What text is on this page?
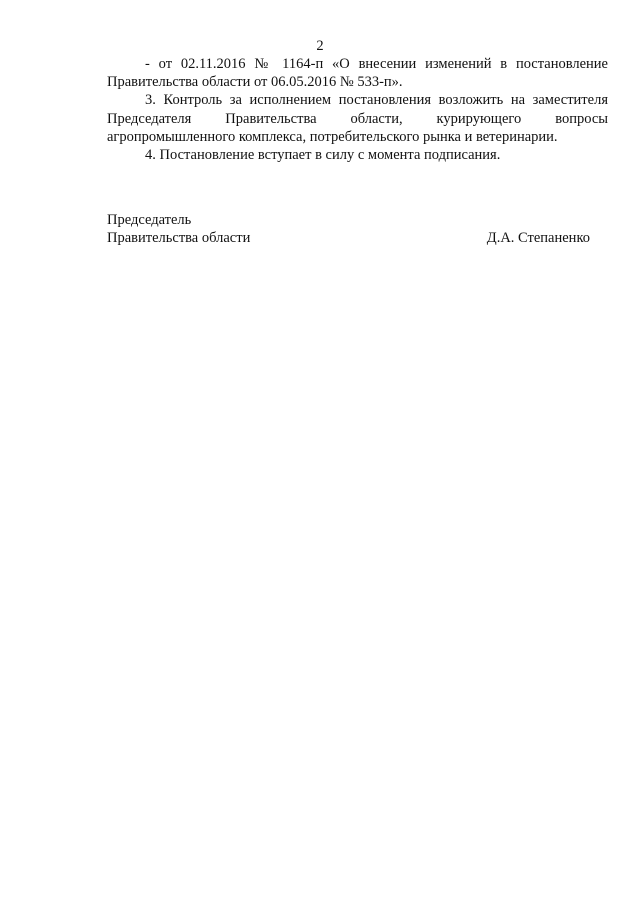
2
- от 02.11.2016 № 1164-п «О внесении изменений в постановление
Правительства области от 06.05.2016 № 533-п».
3. Контроль за исполнением постановления возложить на заместителя
Председателя Правительства области, курирующего вопросы
агропромышленного комплекса, потребительского рынка и ветеринарии.
4. Постановление вступает в силу с момента подписания.
Председатель
Правительства области	Д.А. Степаненко
